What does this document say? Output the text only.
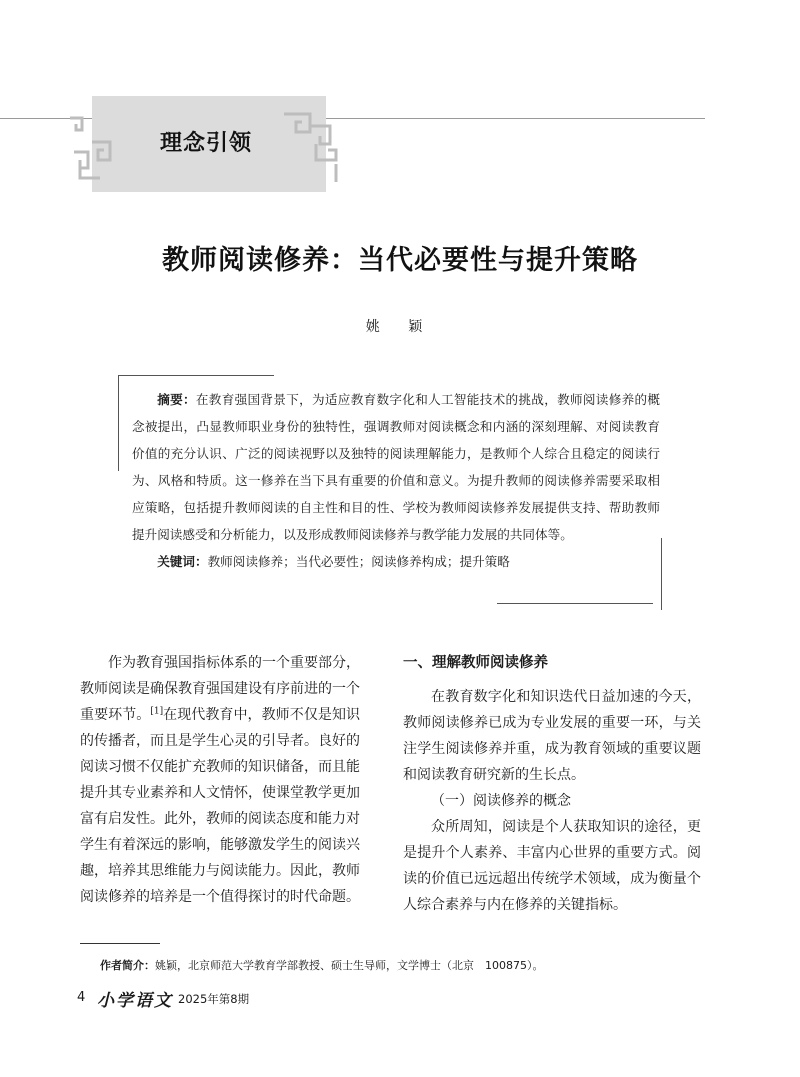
理念引领
教师阅读修养：当代必要性与提升策略
姚 颖

摘要：在教育强国背景下，为适应教育数字化和人工智能技术的挑战，教师阅读修养的概念被提出，凸显教师职业身份的独特性，强调教师对阅读概念和内涵的深刻理解、对阅读教育价值的充分认识、广泛的阅读视野以及独特的阅读理解能力，是教师个人综合且稳定的阅读行为、风格和特质。这一修养在当下具有重要的价值和意义。为提升教师的阅读修养需要采取相应策略，包括提升教师阅读的自主性和目的性、学校为教师阅读修养发展提供支持、帮助教师提升阅读感受和分析能力，以及形成教师阅读修养与教学能力发展的共同体等。

关键词：教师阅读修养；当代必要性；阅读修养构成；提升策略

作为教育强国指标体系的一个重要部分，教师阅读是确保教育强国建设有序前进的一个重要环节。[1]在现代教育中，教师不仅是知识的传播者，而且是学生心灵的引导者。良好的阅读习惯不仅能扩充教师的知识储备，而且能提升其专业素养和人文情怀，使课堂教学更加富有启发性。此外，教师的阅读态度和能力对学生有着深远的影响，能够激发学生的阅读兴趣，培养其思维能力与阅读能力。因此，教师阅读修养的培养是一个值得探讨的时代命题。

一、理解教师阅读修养

在教育数字化和知识迭代日益加速的今天，教师阅读修养已成为专业发展的重要一环，与关注学生阅读修养并重，成为教育领域的重要议题和阅读教育研究新的生长点。

（一）阅读修养的概念

众所周知，阅读是个人获取知识的途径，更是提升个人素养、丰富内心世界的重要方式。阅读的价值已远远超出传统学术领域，成为衡量个人综合素养与内在修养的关键指标。

作者简介：姚颖，北京师范大学教育学部教授、硕士生导师，文学博士（北京　100875）。
4 小学语文 2025年第8期
